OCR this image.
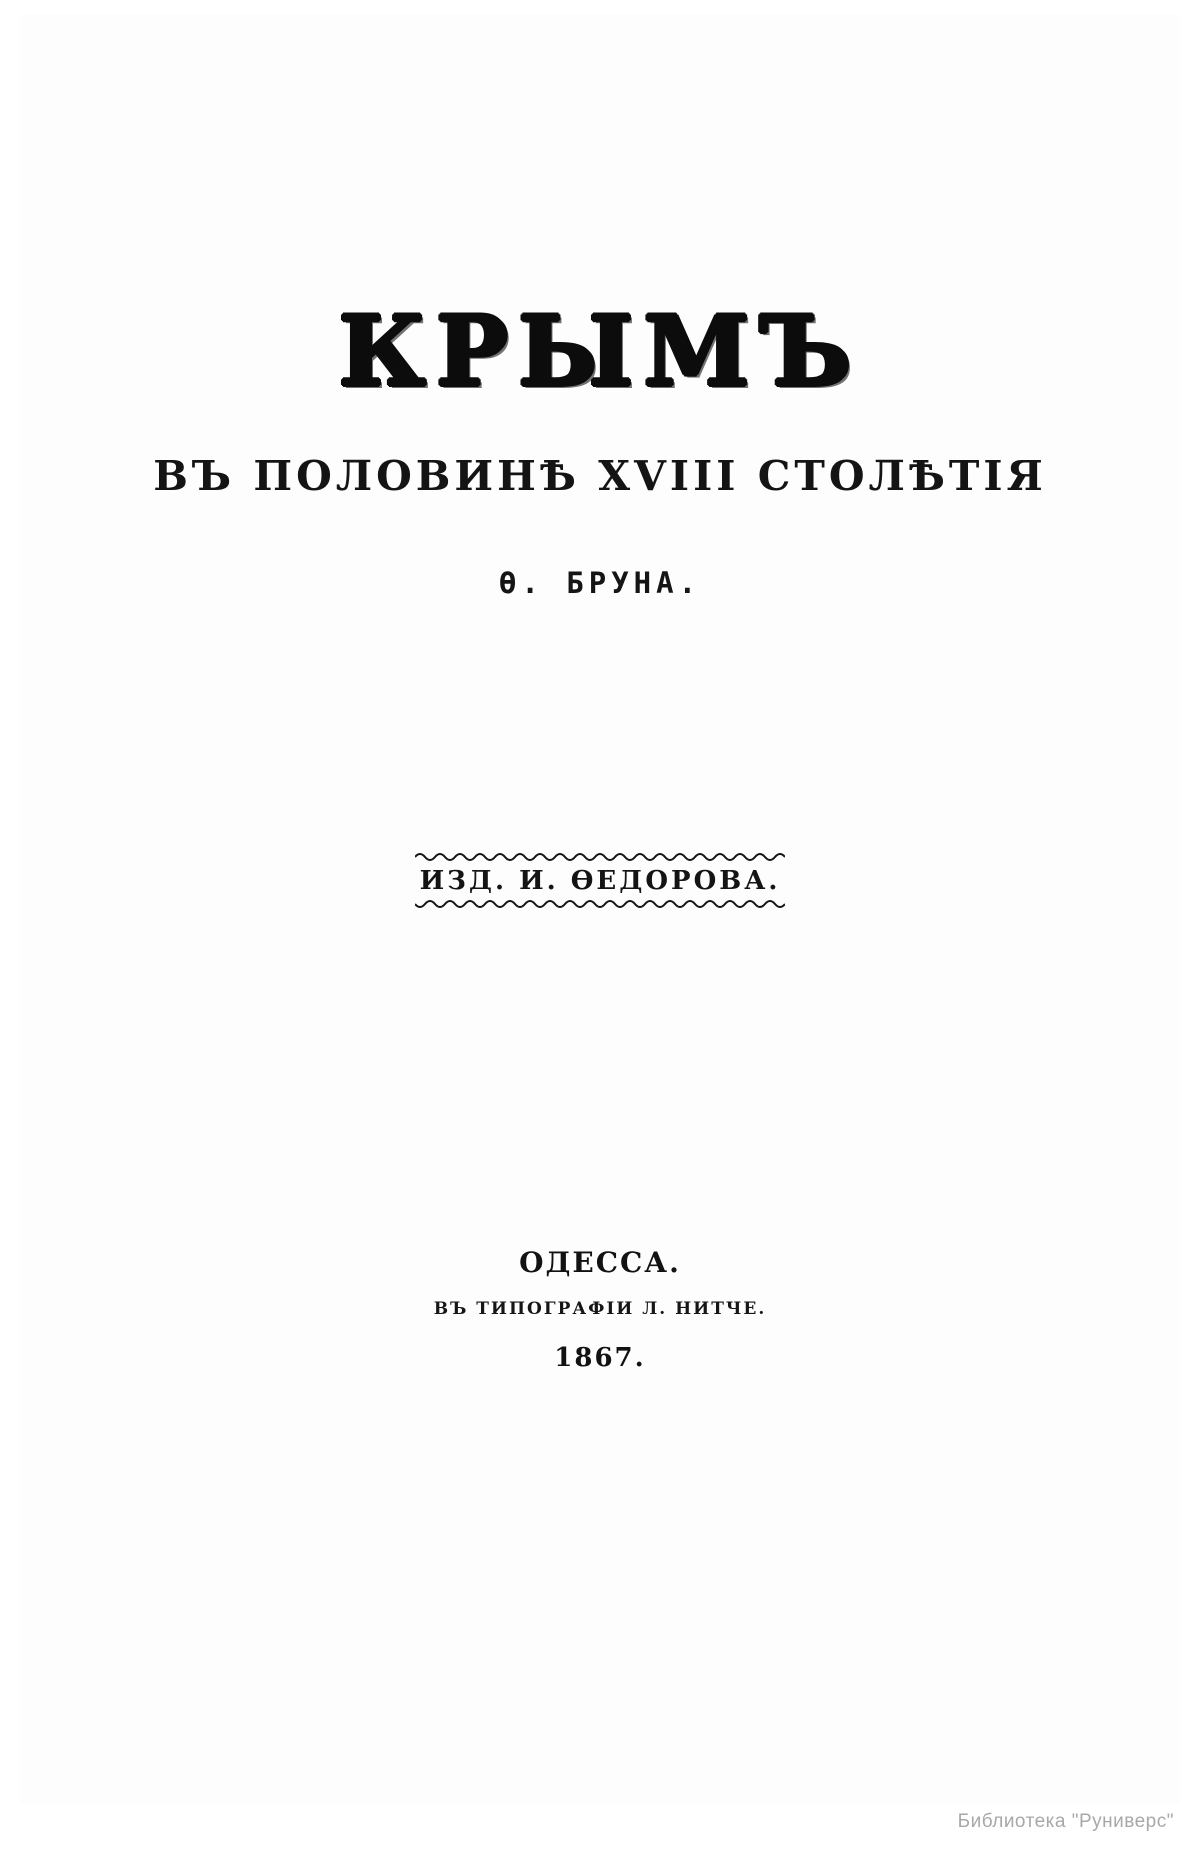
КРЫМЪ
ВЪ ПОЛОВИНѢ XVIII СТОЛѢТІЯ
Ѳ. БРУНА.
ИЗД. И. ѲЕДОРОВА.
ОДЕССА.
ВЪ ТИПОГРАФІИ Л. НИТЧЕ.
1867.
Библиотека "Руниверс"
